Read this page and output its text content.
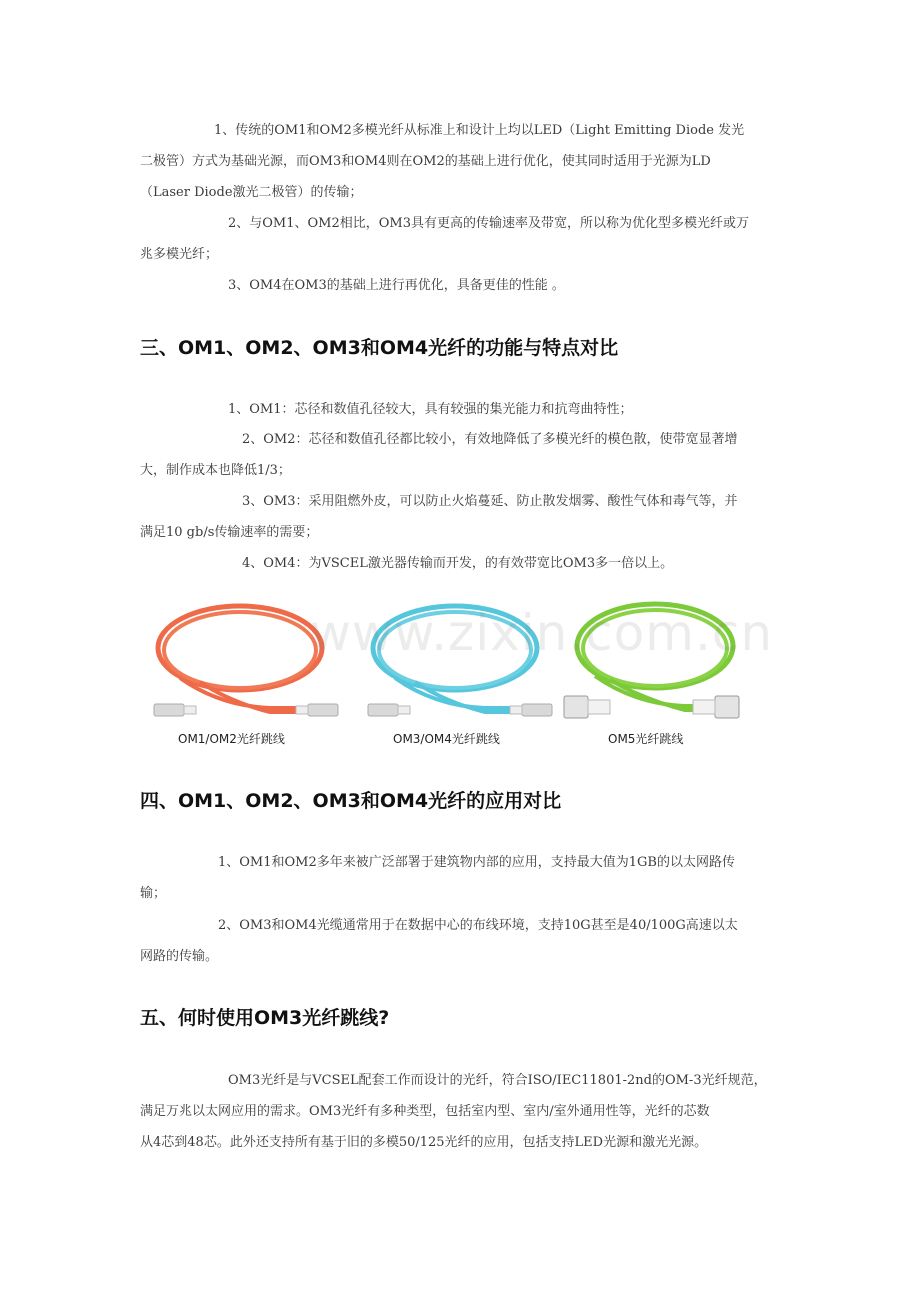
1、传统的OM1和OM2多模光纤从标准上和设计上均以LED（Light Emitting Diode 发光
二极管）方式为基础光源，而OM3和OM4则在OM2的基础上进行优化，使其同时适用于光源为LD
（Laser Diode激光二极管）的传输；

2、与OM1、OM2相比，OM3具有更高的传输速率及带宽，所以称为优化型多模光纤或万
兆多模光纤；

3、OM4在OM3的基础上进行再优化，具备更佳的性能 。

三、OM1、OM2、OM3和OM4光纤的功能与特点对比

1、OM1：芯径和数值孔径较大，具有较强的集光能力和抗弯曲特性；

2、OM2：芯径和数值孔径都比较小，有效地降低了多模光纤的模色散，使带宽显著增
大，制作成本也降低1/3；

3、OM3：采用阻燃外皮，可以防止火焰蔓延、防止散发烟雾、酸性气体和毒气等，并
满足10 gb/s传输速率的需要；

4、OM4：为VSCEL激光器传输而开发，的有效带宽比OM3多一倍以上。

www.zixin.com.cn
OM1/OM2光纤跳线	OM3/OM4光纤跳线	OM5光纤跳线
四、OM1、OM2、OM3和OM4光纤的应用对比

1、OM1和OM2多年来被广泛部署于建筑物内部的应用，支持最大值为1GB的以太网路传
输；

2、OM3和OM4光缆通常用于在数据中心的布线环境，支持10G甚至是40/100G高速以太
网路的传输。

五、何时使用OM3光纤跳线?

OM3光纤是与VCSEL配套工作而设计的光纤，符合ISO/IEC11801-2nd的OM-3光纤规范，
满足万兆以太网应用的需求。OM3光纤有多种类型，包括室内型、室内/室外通用性等，光纤的芯数
从4芯到48芯。此外还支持所有基于旧的多模50/125光纤的应用，包括支持LED光源和激光光源。
